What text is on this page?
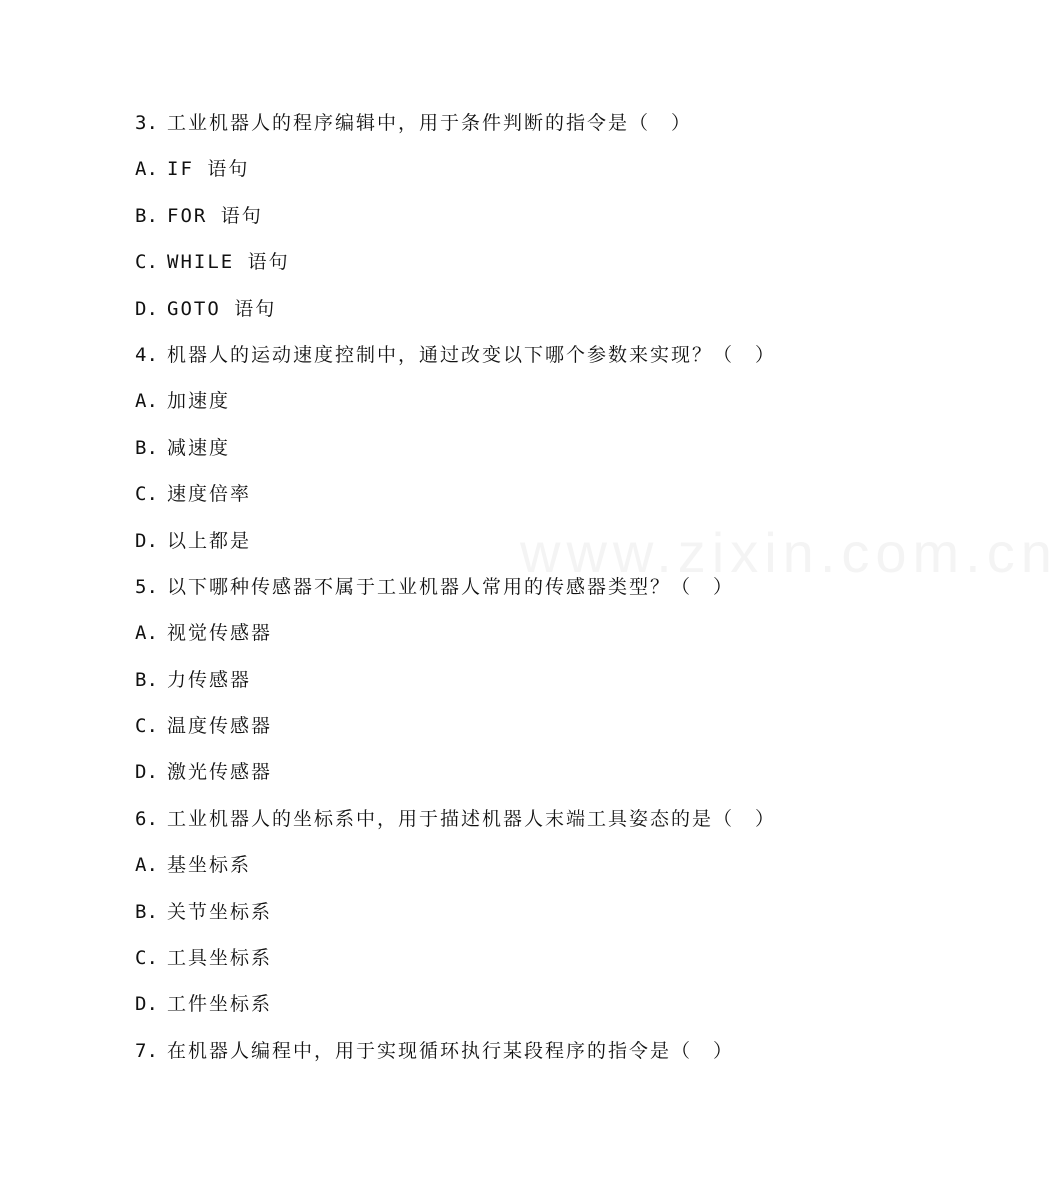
www.zixin.com.cn
3. 工业机器人的程序编辑中，用于条件判断的指令是（　）
A. IF 语句
B. FOR 语句
C. WHILE 语句
D. GOTO 语句
4. 机器人的运动速度控制中，通过改变以下哪个参数来实现？（　）
A. 加速度
B. 减速度
C. 速度倍率
D. 以上都是
5. 以下哪种传感器不属于工业机器人常用的传感器类型？（　）
A. 视觉传感器
B. 力传感器
C. 温度传感器
D. 激光传感器
6. 工业机器人的坐标系中，用于描述机器人末端工具姿态的是（　）
A. 基坐标系
B. 关节坐标系
C. 工具坐标系
D. 工件坐标系
7. 在机器人编程中，用于实现循环执行某段程序的指令是（　）
